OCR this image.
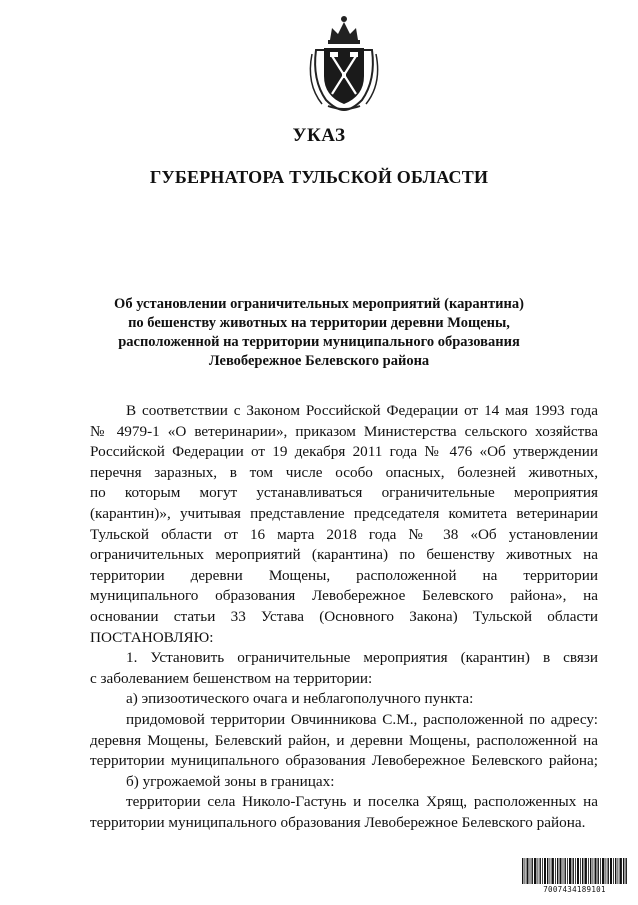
УКАЗ
ГУБЕРНАТОРА ТУЛЬСКОЙ ОБЛАСТИ
Об установлении ограничительных мероприятий (карантина)
по бешенству животных на территории деревни Мощены,
расположенной на территории муниципального образования
Левобережное Белевского района
В соответствии с Законом Российской Федерации от 14 мая 1993 года
№ 4979-1 «О ветеринарии», приказом Министерства сельского хозяйства
Российской Федерации от 19 декабря 2011 года № 476 «Об утверждении
перечня заразных, в том числе особо опасных, болезней животных,
по которым могут устанавливаться ограничительные мероприятия
(карантин)», учитывая представление председателя комитета ветеринарии
Тульской области от 16 марта 2018 года № 38 «Об установлении
ограничительных мероприятий (карантина) по бешенству животных на
территории деревни Мощены, расположенной на территории
муниципального образования Левобережное Белевского района», на
основании статьи 33 Устава (Основного Закона) Тульской области
ПОСТАНОВЛЯЮ:
1. Установить ограничительные мероприятия (карантин) в связи
с заболеванием бешенством на территории:
а) эпизоотического очага и неблагополучного пункта:
придомовой территории Овчинникова С.М., расположенной по адресу:
деревня Мощены, Белевский район, и деревни Мощены, расположенной на
территории муниципального образования Левобережное Белевского района;
б) угрожаемой зоны в границах:
территории села Николо-Гастунь и поселка Хрящ, расположенных на
территории муниципального образования Левобережное Белевского района.
7007434189101
